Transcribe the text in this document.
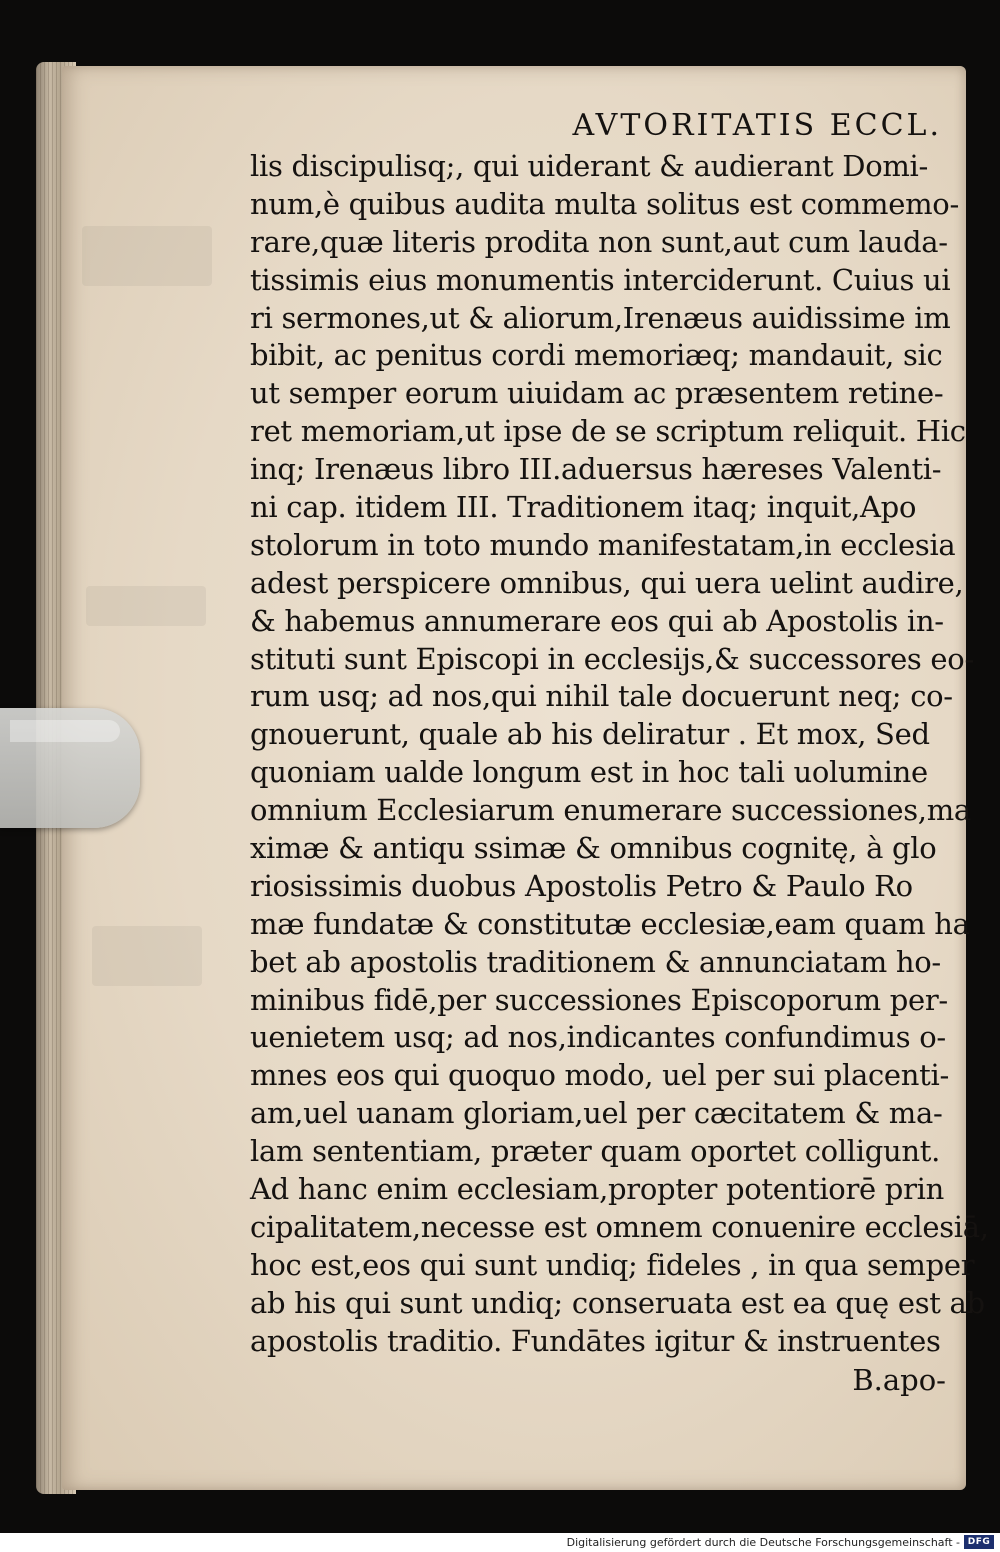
AVTORITATIS ECCL.
lis discipulisq;, qui uiderant & audierant Domi-
num,è quibus audita multa solitus est commemo-
rare,quæ literis prodita non sunt,aut cum lauda-
tissimis eius monumentis interciderunt. Cuius ui
ri sermones,ut & aliorum,Irenæus auidissime im
bibit, ac penitus cordi memoriæq; mandauit, sic
ut semper eorum uiuidam ac præsentem retine-
ret memoriam,ut ipse de se scriptum reliquit. Hic
inq; Irenæus libro III.aduersus hæreses Valenti-
ni cap. itidem III. Traditionem itaq; inquit,Apo
stolorum in toto mundo manifestatam,in ecclesia
adest perspicere omnibus, qui uera uelint audire,
& habemus annumerare eos qui ab Apostolis in-
stituti sunt Episcopi in ecclesijs,& successores eo-
rum usq; ad nos,qui nihil tale docuerunt neq; co-
gnouerunt, quale ab his deliratur . Et mox, Sed
quoniam ualde longum est in hoc tali uolumine
omnium Ecclesiarum enumerare successiones,ma
ximæ & antiqu ssimæ & omnibus cognitę, à glo
riosissimis duobus Apostolis Petro & Paulo Ro
mæ fundatæ & constitutæ ecclesiæ,eam quam ha
bet ab apostolis traditionem & annunciatam ho-
minibus fidē,per successiones Episcoporum per-
uenietem usq; ad nos,indicantes confundimus o-
mnes eos qui quoquo modo, uel per sui placenti-
am,uel uanam gloriam,uel per cæcitatem & ma-
lam sententiam, præter quam oportet colligunt.
Ad hanc enim ecclesiam,propter potentiorē prin
cipalitatem,necesse est omnem conuenire ecclesiā,
hoc est,eos qui sunt undiq; fideles , in qua semper
ab his qui sunt undiq; conseruata est ea quę est ab
apostolis traditio. Fundātes igitur & instruentes
B.apo-
Digitalisierung gefördert durch die Deutsche Forschungsgemeinschaft - DFG
